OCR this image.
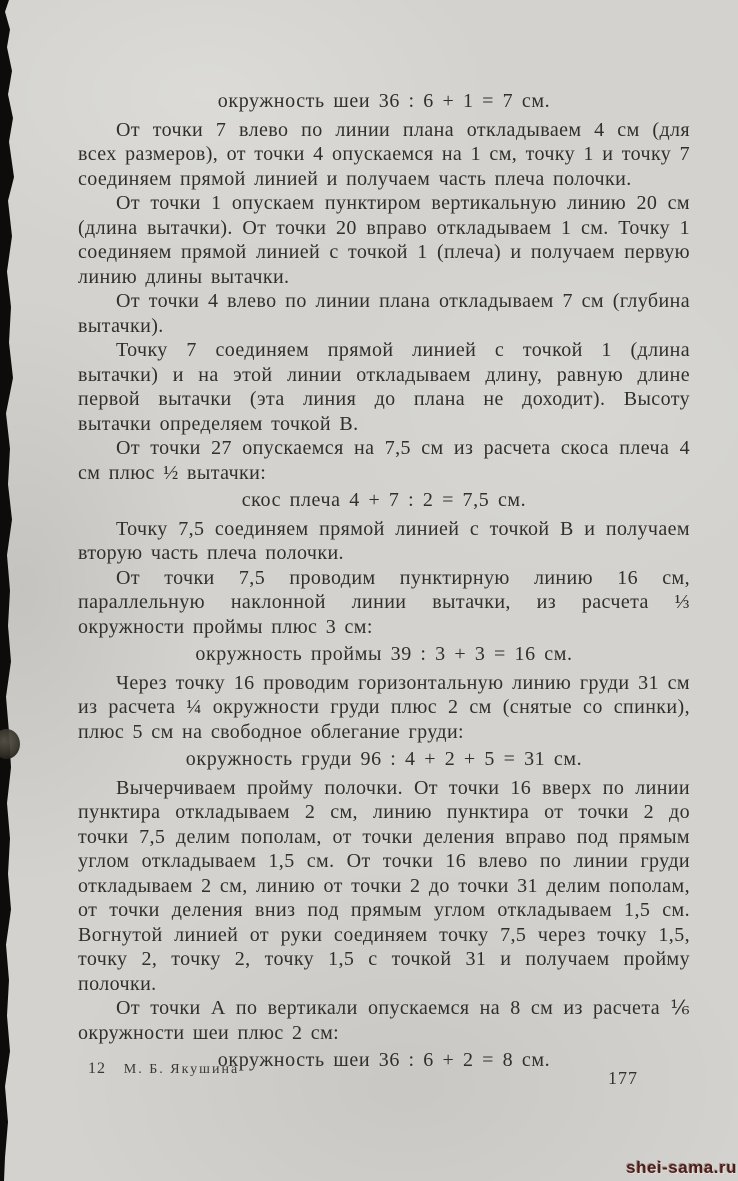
окружность шеи 36 : 6 + 1 = 7 см.

От точки 7 влево по линии плана откладываем 4 см (для всех размеров), от точки 4 опускаемся на 1 см, точку 1 и точку 7 соединяем прямой линией и получаем часть плеча полочки.

От точки 1 опускаем пунктиром вертикальную линию 20 см (длина вытачки). От точки 20 вправо откладываем 1 см. Точку 1 соединяем прямой линией с точкой 1 (плеча) и получаем первую линию длины вытачки.

От точки 4 влево по линии плана откладываем 7 см (глубина вытачки).

Точку 7 соединяем прямой линией с точкой 1 (длина вытачки) и на этой линии откладываем длину, равную длине первой вытачки (эта линия до плана не доходит). Высоту вытачки определяем точкой В.

От точки 27 опускаемся на 7,5 см из расчета скоса плеча 4 см плюс ½ вытачки:

скос плеча 4 + 7 : 2 = 7,5 см.

Точку 7,5 соединяем прямой линией с точкой В и получаем вторую часть плеча полочки.

От точки 7,5 проводим пунктирную линию 16 см, параллельную наклонной линии вытачки, из расчета ⅓ окружности проймы плюс 3 см:

окружность проймы 39 : 3 + 3 = 16 см.

Через точку 16 проводим горизонтальную линию груди 31 см из расчета ¼ окружности груди плюс 2 см (снятые со спинки), плюс 5 см на свободное облегание груди:

окружность груди 96 : 4 + 2 + 5 = 31 см.

Вычерчиваем пройму полочки. От точки 16 вверх по линии пунктира откладываем 2 см, линию пунктира от точки 2 до точки 7,5 делим пополам, от точки деления вправо под прямым углом откладываем 1,5 см. От точки 16 влево по линии груди откладываем 2 см, линию от точки 2 до точки 31 делим пополам, от точки деления вниз под прямым углом откладываем 1,5 см. Вогнутой линией от руки соединяем точку 7,5 через точку 1,5, точку 2, точку 2, точку 1,5 с точкой 31 и получаем пройму полочки.

От точки А по вертикали опускаемся на 8 см из расчета ⅙ окружности шеи плюс 2 см:

окружность шеи 36 : 6 + 2 = 8 см.

12 М. Б. Якушина	177
shei-sama.ru
